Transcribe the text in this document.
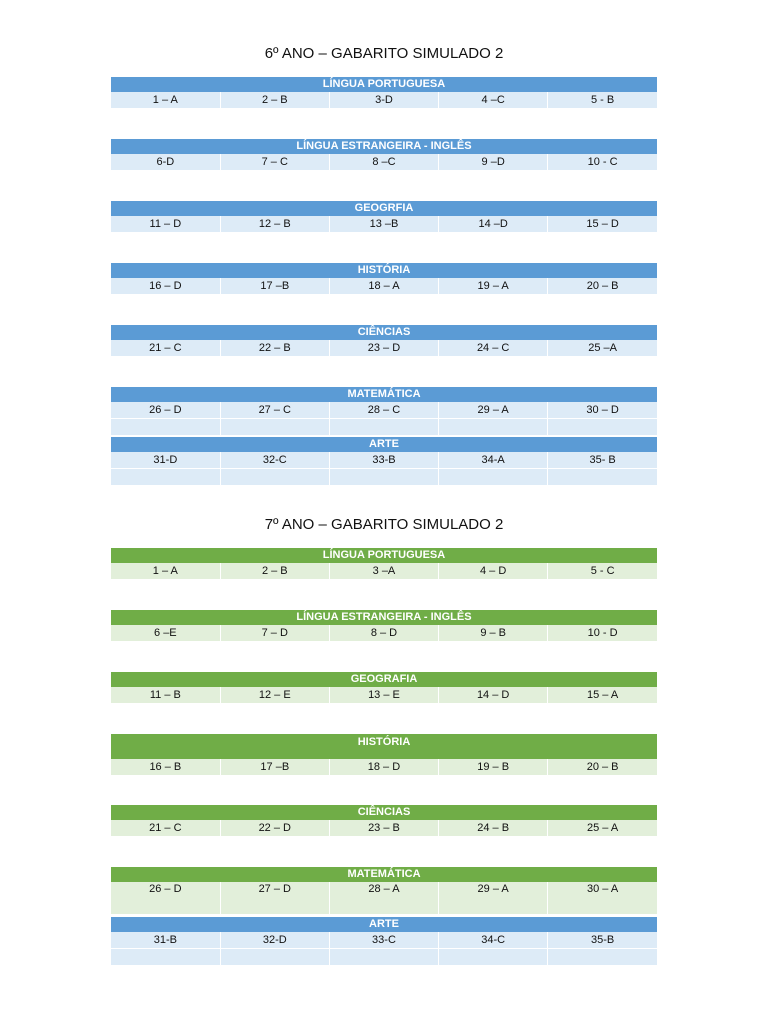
6º ANO – GABARITO SIMULADO 2
LÍNGUA PORTUGUESA
1 – A	2 – B	3-D	4 –C	5 - B
LÍNGUA ESTRANGEIRA - INGLÊS
6-D	7 – C	8 –C	9 –D	10 - C
GEOGRFIA
11 – D	12 – B	13 –B	14 –D	15 – D
HISTÓRIA
16 – D	17 –B	18 – A	19 – A	20 – B
CIÊNCIAS
21 – C	22 – B	23 – D	24 – C	25 –A
MATEMÁTICA				
26 – D	27 – C	28 – C	29 – A	30 – D

ARTE				
31-D	32-C	33-B	34-A	35- B

7º ANO – GABARITO SIMULADO 2
LÍNGUA PORTUGUESA
1 – A	2 – B	3 –A	4 – D	5 - C
LÍNGUA ESTRANGEIRA - INGLÊS
6 –E	7 – D	8 – D	9 – B	10 - D
GEOGRAFIA
11 – B	12 – E	13 – E	14 – D	15 – A
HISTÓRIA
16 – B	17 –B	18 – D	19 – B	20 – B
CIÊNCIAS
21 – C	22 – D	23 – B	24 – B	25 – A
MATEMÁTICA
26 – D	27 – D	28 – A	29 – A	30 – A
ARTE				
31-B	32-D	33-C	34-C	35-B
